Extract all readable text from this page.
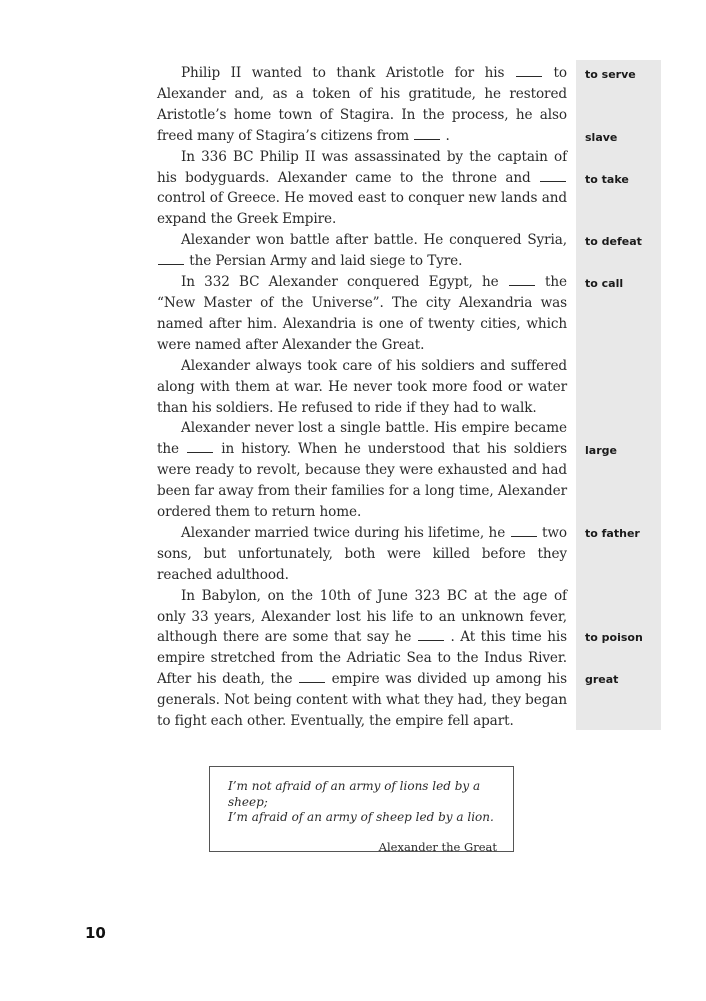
to serve
slave
to take
to defeat
to call
large
to father
to poison
great

Philip II wanted to thank Aristotle for his  to Alexander and, as a token of his gratitude, he restored Aristotle’s home town of Stagira. In the process, he also freed many of Stagira’s citizens from  .

In 336 BC Philip II was assassinated by the captain of his bodyguards. Alexander came to the throne and  control of Greece. He moved east to conquer new lands and expand the Greek Empire.

Alexander won battle after battle. He conquered Syria,  the Persian Army and laid siege to Tyre.

In 332 BC Alexander conquered Egypt, he  the “New Master of the Universe”. The city Alexandria was named after him. Alexandria is one of twenty cities, which were named after Alexander the Great.

Alexander always took care of his soldiers and suffered along with them at war. He never took more food or water than his soldiers. He refused to ride if they had to walk.

Alexander never lost a single battle. His empire became the  in history. When he understood that his soldiers were ready to revolt, because they were exhausted and had been far away from their families for a long time, Alexander ordered them to return home.

Alexander married twice during his lifetime, he  two sons, but unfortunately, both were killed before they reached adulthood.

In Babylon, on the 10th of June 323 BC at the age of only 33 years, Alexander lost his life to an unknown fever, although there are some that say he  . At this time his empire stretched from the Adriatic Sea to the Indus River. After his death, the  empire was divided up among his generals. Not being content with what they had, they began to fight each other. Eventually, the empire fell apart.

I’m not afraid of an army of lions led by a sheep;

I’m afraid of an army of sheep led by a lion.

Alexander the Great
10
